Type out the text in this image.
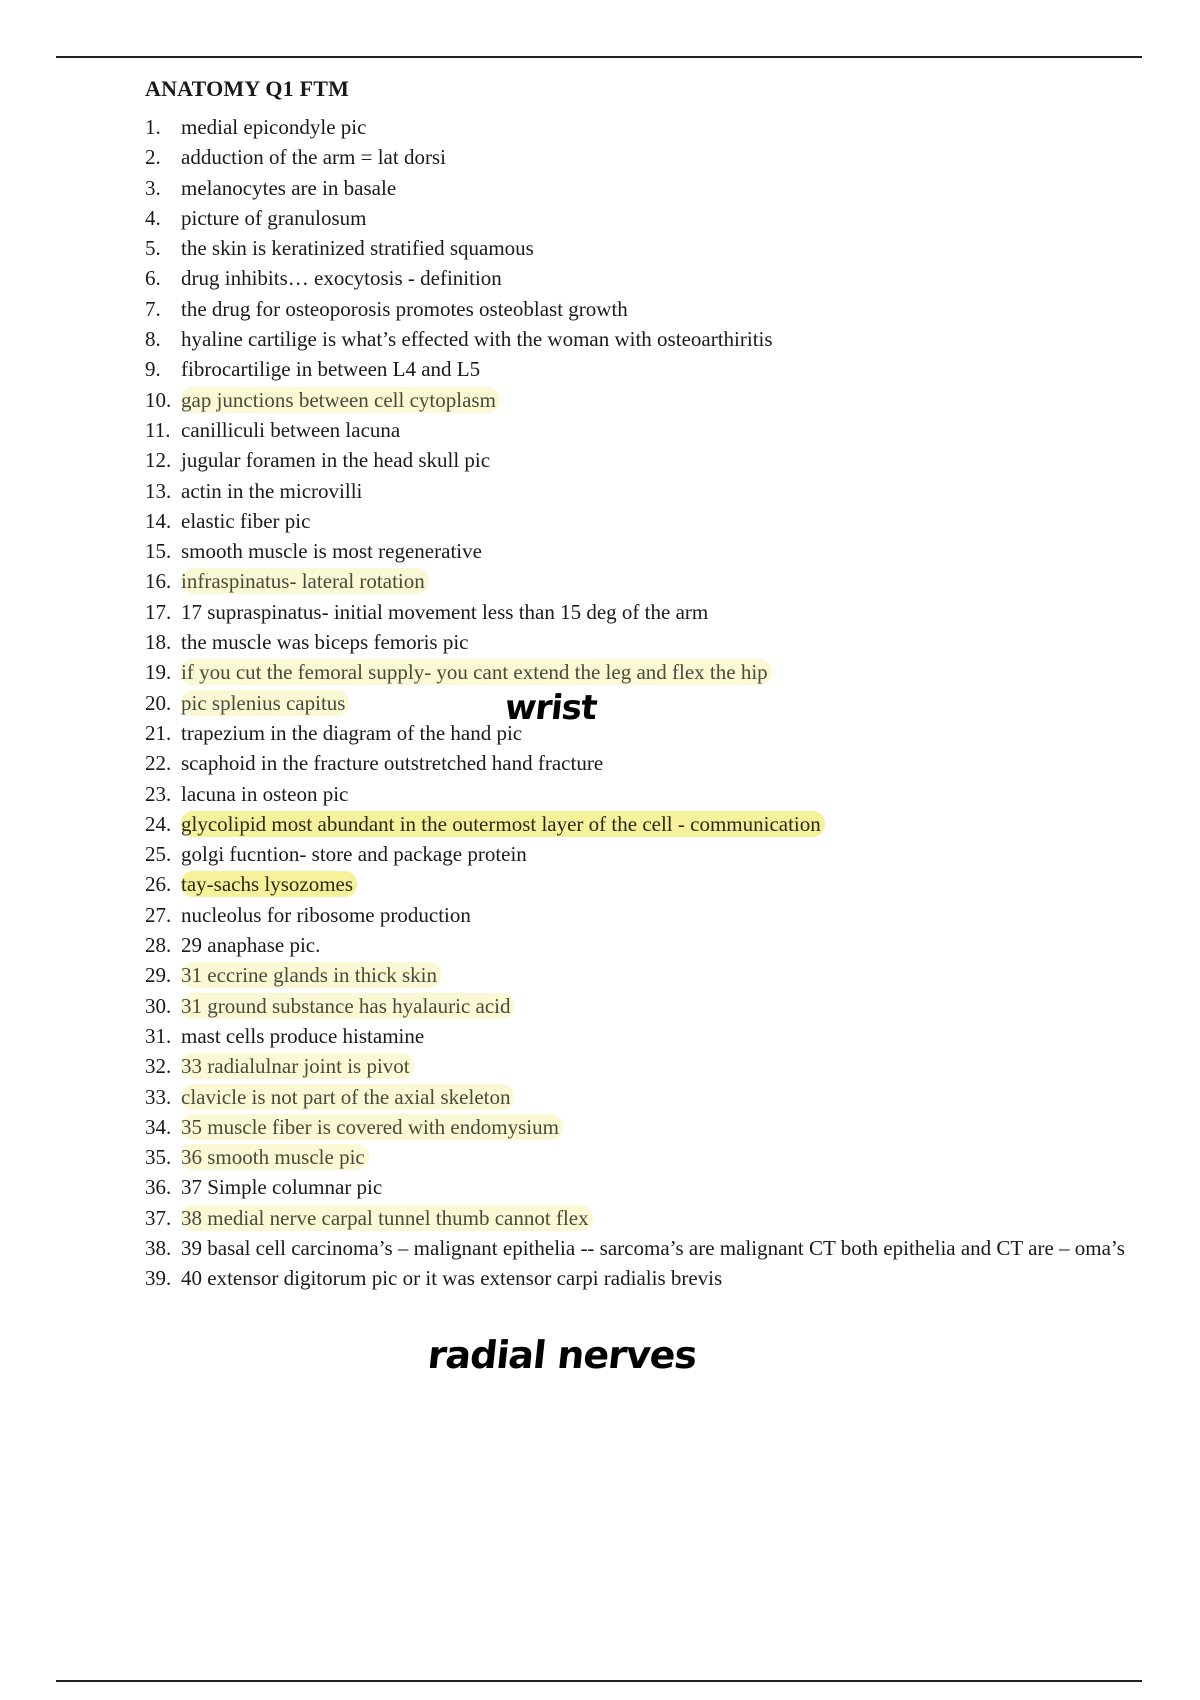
ANATOMY Q1 FTM
1. medial epicondyle pic
2. adduction of the arm = lat dorsi
3. melanocytes are in basale
4. picture of granulosum
5. the skin is keratinized stratified squamous
6. drug inhibits… exocytosis - definition
7. the drug for osteoporosis promotes osteoblast growth
8. hyaline cartilige is what’s effected with the woman with osteoarthiritis
9. fibrocartilige in between L4 and L5
10. gap junctions between cell cytoplasm
11. canilliculi between lacuna
12. jugular foramen in the head skull pic
13. actin in the microvilli
14. elastic fiber pic
15. smooth muscle is most regenerative
16. infraspinatus- lateral rotation
17. 17 supraspinatus- initial movement less than 15 deg of the arm
18. the muscle was biceps femoris pic
19. if you cut the femoral supply- you cant extend the leg and flex the hip
20. pic splenius capitus
21. trapezium in the diagram of the hand pic
22. scaphoid in the fracture outstretched hand fracture
23. lacuna in osteon pic
24. glycolipid most abundant in the outermost layer of the cell - communication
25. golgi fucntion- store and package protein
26. tay-sachs lysozomes
27. nucleolus for ribosome production
28. 29 anaphase pic.
29. 31 eccrine glands in thick skin
30. 31 ground substance has hyalauric acid
31. mast cells produce histamine
32. 33 radialulnar joint is pivot
33. clavicle is not part of the axial skeleton
34. 35 muscle fiber is covered with endomysium
35. 36 smooth muscle pic
36. 37 Simple columnar pic
37. 38 medial nerve carpal tunnel thumb cannot flex
38. 39 basal cell carcinoma’s – malignant epithelia -- sarcoma’s are malignant CT both epithelia and CT are – oma’s
39. 40 extensor digitorum pic or it was extensor carpi radialis brevis
wrist
radial nerves
